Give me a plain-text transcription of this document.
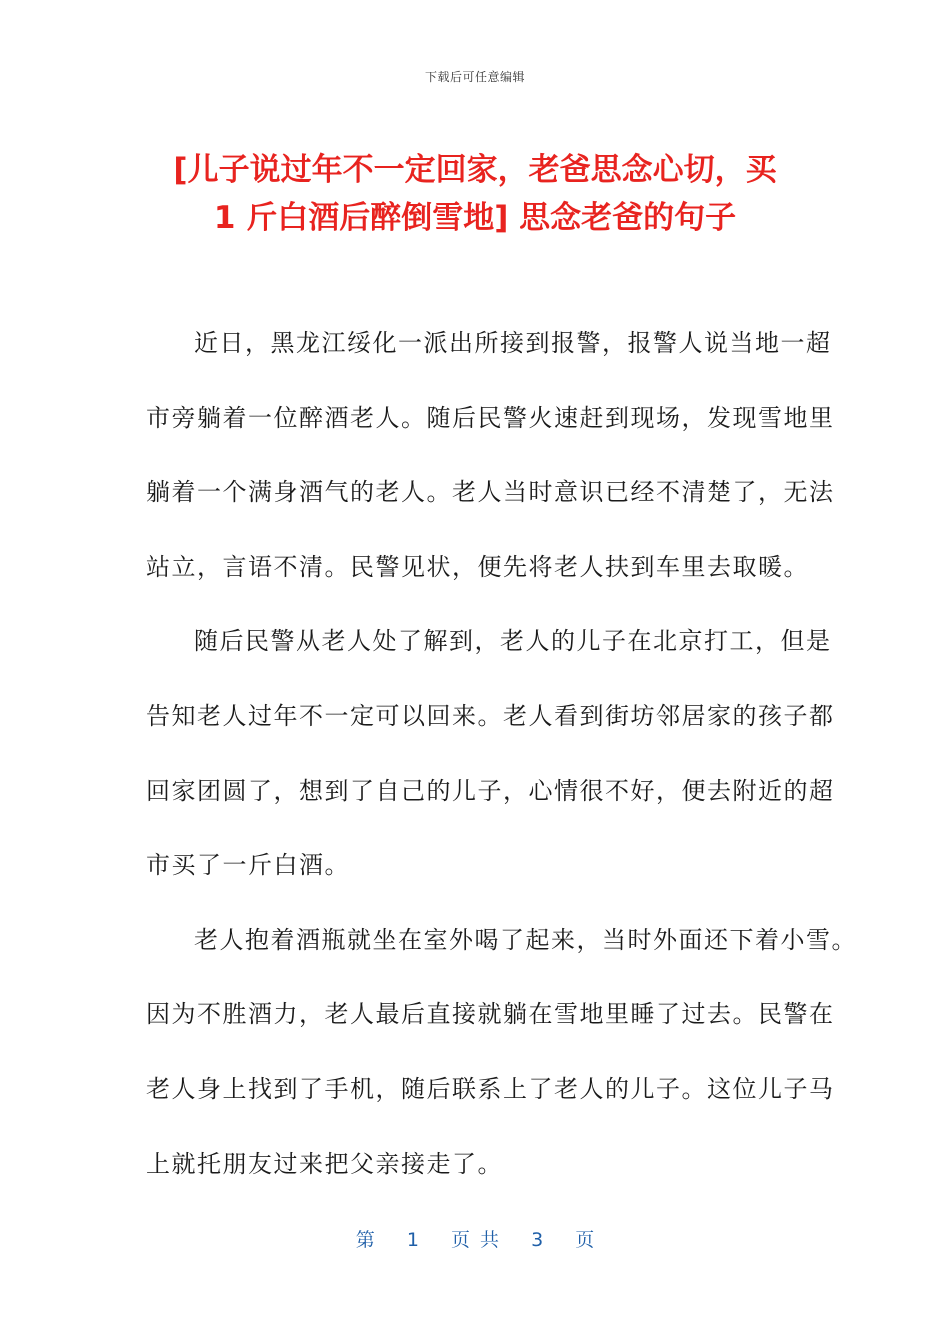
下载后可任意编辑
[儿子说过年不一定回家，老爸思念心切，买
1 斤白酒后醉倒雪地] 思念老爸的句子
近日，黑龙江绥化一派出所接到报警，报警人说当地一超
市旁躺着一位醉酒老人。随后民警火速赶到现场，发现雪地里
躺着一个满身酒气的老人。老人当时意识已经不清楚了，无法
站立，言语不清。民警见状，便先将老人扶到车里去取暖。
随后民警从老人处了解到，老人的儿子在北京打工，但是
告知老人过年不一定可以回来。老人看到街坊邻居家的孩子都
回家团圆了，想到了自己的儿子，心情很不好，便去附近的超
市买了一斤白酒。
老人抱着酒瓶就坐在室外喝了起来，当时外面还下着小雪。
因为不胜酒力，老人最后直接就躺在雪地里睡了过去。民警在
老人身上找到了手机，随后联系上了老人的儿子。这位儿子马
上就托朋友过来把父亲接走了。
第 1 页 共 3 页
